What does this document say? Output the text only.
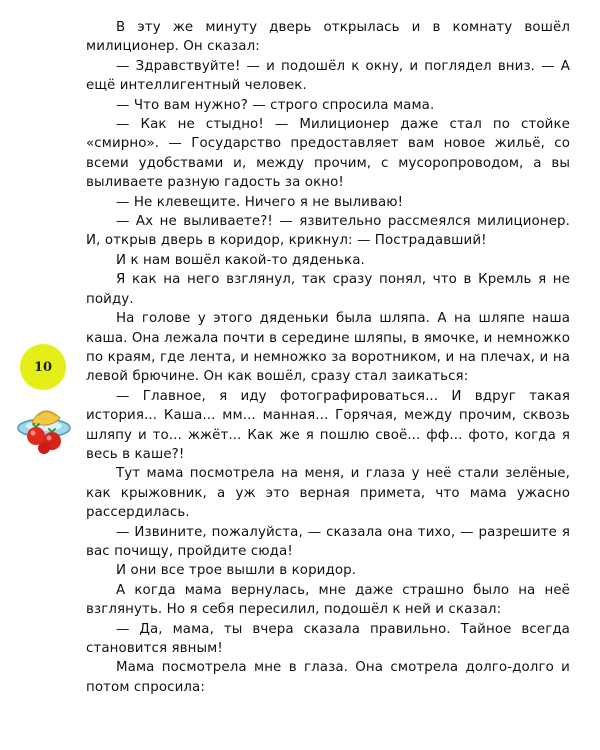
В эту же минуту дверь открылась и в комнату вошёл милиционер. Он сказал:

— Здравствуйте! — и подошёл к окну, и поглядел вниз. — А ещё интеллигентный человек.

— Что вам нужно? — строго спросила мама.

— Как не стыдно! — Милиционер даже стал по стойке «смирно». — Государство предоставляет вам новое жильё, со всеми удобствами и, между прочим, с мусоропроводом, а вы выливаете разную гадость за окно!

— Не клевещите. Ничего я не выливаю!

— Ах не выливаете?! — язвительно рассмеялся милиционер. И, открыв дверь в коридор, крикнул: — Пострадавший!

И к нам вошёл какой-то дяденька.

Я как на него взглянул, так сразу понял, что в Кремль я не пойду.

На голове у этого дяденьки была шляпа. А на шляпе наша каша. Она лежала почти в середине шляпы, в ямочке, и немножко по краям, где лента, и немножко за воротником, и на плечах, и на левой брючине. Он как вошёл, сразу стал заикаться:

— Главное, я иду фотографироваться... И вдруг такая история... Каша... мм... манная... Горячая, между прочим, сквозь шляпу и то... жжёт... Как же я пошлю своё... фф... фото, когда я весь в каше?!

Тут мама посмотрела на меня, и глаза у неё стали зелёные, как крыжовник, а уж это верная примета, что мама ужасно рассердилась.

— Извините, пожалуйста, — сказала она тихо, — разрешите я вас почищу, пройдите сюда!

И они все трое вышли в коридор.

А когда мама вернулась, мне даже страшно было на неё взглянуть. Но я себя пересилил, подошёл к ней и сказал:

— Да, мама, ты вчера сказала правильно. Тайное всегда становится явным!

Мама посмотрела мне в глаза. Она смотрела долго-долго и потом спросила:

10
